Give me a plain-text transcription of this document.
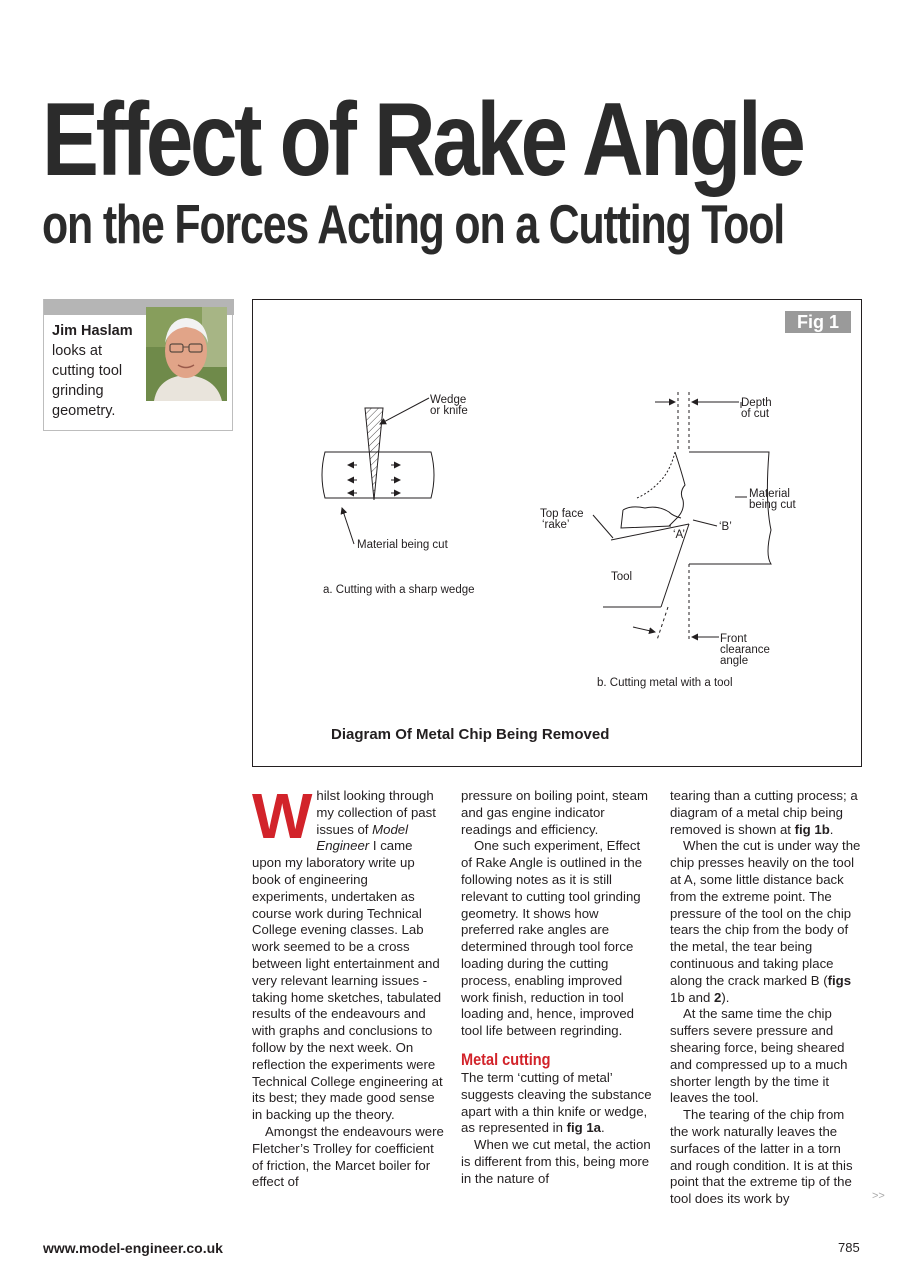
Effect of Rake Angle
on the Forces Acting on a Cutting Tool
Jim Haslam looks at cutting tool grinding geometry.
Fig 1
Wedge
or knife
Material being cut
a. Cutting with a sharp wedge
Depth
of cut
Material
being cut
Top face
‘rake’	‘B’
‘A’
Tool
Front
clearance
angle
b. Cutting metal with a tool
Diagram Of Metal Chip Being Removed

Whilst looking through my collection of past issues of Model Engineer I came upon my laboratory write up book of engineering experiments, undertaken as course work during Technical College evening classes. Lab work seemed to be a cross between light entertainment and very relevant learning issues - taking home sketches, tabulated results of the endeavours and with graphs and conclusions to follow by the next week. On reflection the experiments were Technical College engineering at its best; they made good sense in backing up the theory.

Amongst the endeavours were Fletcher’s Trolley for coefficient of friction, the Marcet boiler for effect of

pressure on boiling point, steam and gas engine indicator readings and efficiency.

One such experiment, Effect of Rake Angle is outlined in the following notes as it is still relevant to cutting tool grinding geometry. It shows how preferred rake angles are determined through tool force loading during the cutting process, enabling improved work finish, reduction in tool loading and, hence, improved tool life between regrinding.

Metal cutting

The term ‘cutting of metal’ suggests cleaving the substance apart with a thin knife or wedge, as represented in fig 1a.

When we cut metal, the action is different from this, being more in the nature of

tearing than a cutting process; a diagram of a metal chip being removed is shown at fig 1b.

When the cut is under way the chip presses heavily on the tool at A, some little distance back from the extreme point. The pressure of the tool on the chip tears the chip from the body of the metal, the tear being continuous and taking place along the crack marked B (figs 1b and 2).

At the same time the chip suffers severe pressure and shearing force, being sheared and compressed up to a much shorter length by the time it leaves the tool.

The tearing of the chip from the work naturally leaves the surfaces of the latter in a torn and rough condition. It is at this point that the extreme tip of the tool does its work by	>>
www.model-engineer.co.uk	785
